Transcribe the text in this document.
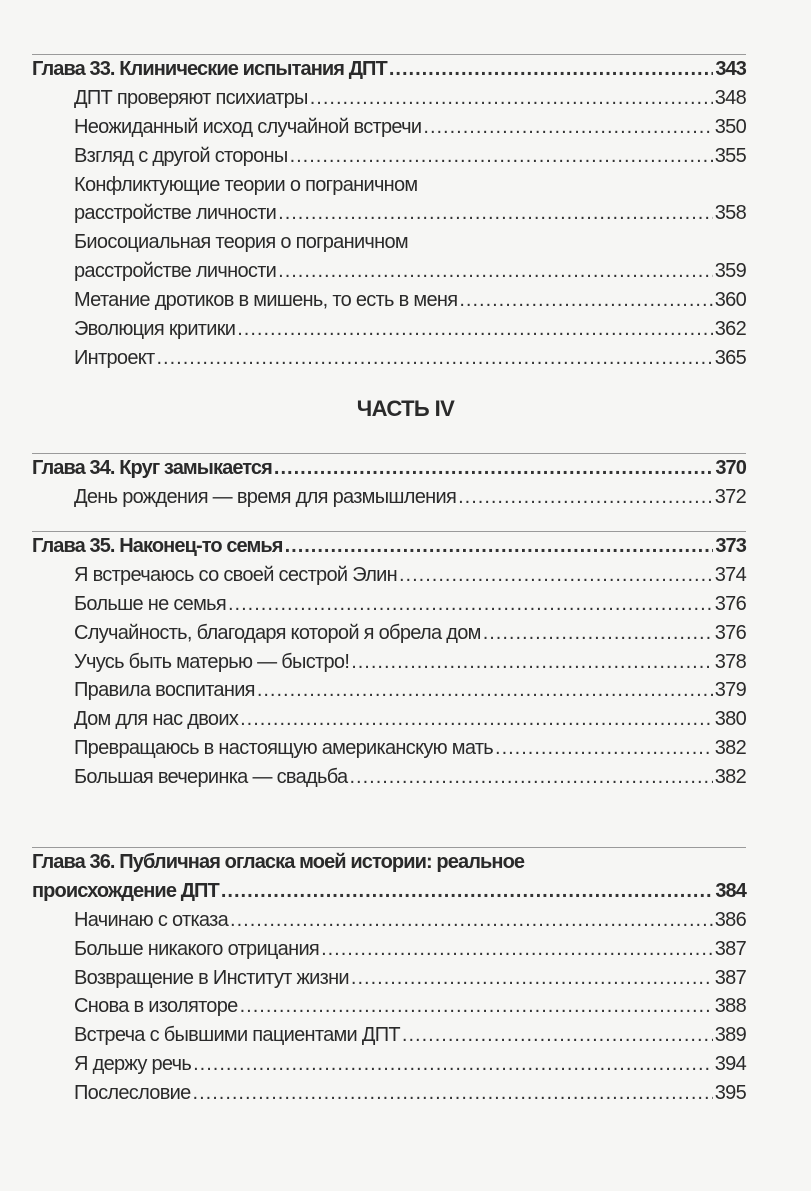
Глава 33. Клинические испытания ДПТ .....	343
ДПТ проверяют психиатры .....	348
Неожиданный исход случайной встречи .....	350
Взгляд с другой стороны .....	355
Конфликтующие теории о пограничном
расстройстве личности .....	358
Биосоциальная теория о пограничном
расстройстве личности .....	359
Метание дротиков в мишень, то есть в меня .....	360
Эволюция критики .....	362
Интроект .....	365
ЧАСТЬ IV
Глава 34. Круг замыкается .....	370
День рождения — время для размышления .....	372
Глава 35. Наконец-то семья .....	373
Я встречаюсь со своей сестрой Элин .....	374
Больше не семья .....	376
Случайность, благодаря которой я обрела дом .....	376
Учусь быть матерью — быстро! .....	378
Правила воспитания .....	379
Дом для нас двоих .....	380
Превращаюсь в настоящую американскую мать .....	382
Большая вечеринка — свадьба .....	382
Глава 36. Публичная огласка моей истории: реальное
происхождение ДПТ .....	384
Начинаю с отказа .....	386
Больше никакого отрицания .....	387
Возвращение в Институт жизни .....	387
Снова в изоляторе .....	388
Встреча с бывшими пациентами ДПТ .....	389
Я держу речь .....	394
Послесловие .....	395
